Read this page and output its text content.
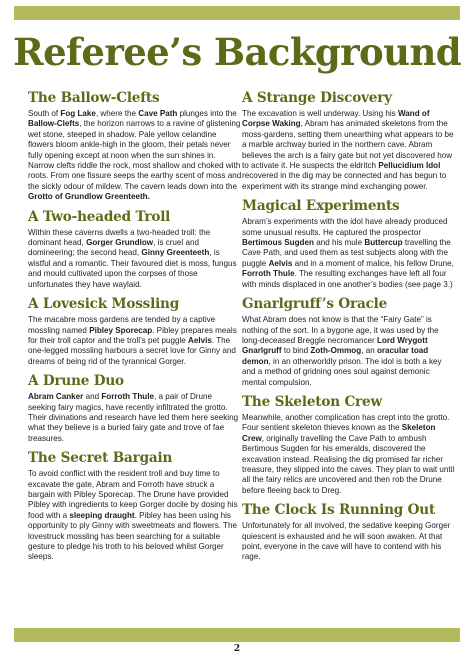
Referee’s Background
The Ballow-Clefts

South of Fog Lake, where the Cave Path plunges into the Ballow-Clefts, the horizon narrows to a ravine of glistening wet stone, steeped in shadow. Pale yellow celandine flowers bloom ankle-high in the gloom, their petals never fully opening except at noon when the sun shines in. Narrow clefts riddle the rock, most shallow and choked with roots. From one fissure seeps the earthy scent of moss and the sickly odour of mildew. The cavern leads down into the Grotto of Grundlow Greenteeth.

A Two-headed Troll

Within these caverns dwells a two-headed troll: the dominant head, Gorger Grundlow, is cruel and domineering; the second head, Ginny Greenteeth, is wistful and a romantic. Their favoured diet is moss, fungus and mould cultivated upon the corpses of those unfortunates they have waylaid.

A Lovesick Mossling

The macabre moss gardens are tended by a captive mossling named Pibley Sporecap. Pibley prepares meals for their troll captor and the troll’s pet puggle Aelvis. The one-legged mossling harbours a secret love for Ginny and dreams of being rid of the tyrannical Gorger.

A Drune Duo

Abram Canker and Forroth Thule, a pair of Drune seeking fairy magics, have recently infiltrated the grotto. Their divinations and research have led them here seeking what they believe is a buried fairy gate and trove of fae treasures.

The Secret Bargain

To avoid conflict with the resident troll and buy time to excavate the gate, Abram and Forroth have struck a bargain with Pibley Sporecap. The Drune have provided Pibley with ingredients to keep Gorger docile by dosing his food with a sleeping draught. Pibley has been using his opportunity to ply Ginny with sweetmeats and flowers. The lovestruck mossling has been searching for a suitable gesture to pledge his troth to his beloved whilst Gorger sleeps.

A Strange Discovery

The excavation is well underway. Using his Wand of Corpse Waking, Abram has animated skeletons from the moss-gardens, setting them unearthing what appears to be a marble archway buried in the northern cave. Abram believes the arch is a fairy gate but not yet discovered how to activate it. He suspects the eldritch Pellucidium Idol recovered in the dig may be connected and has begun to experiment with its strange mind exchanging power.

Magical Experiments

Abram’s experiments with the idol have already produced some unusual results. He captured the prospector Bertimous Sugden and his mule Buttercup travelling the Cave Path, and used them as test subjects along with the puggle Aelvis and in a moment of malice, his fellow Drune, Forroth Thule. The resulting exchanges have left all four with minds displaced in one another’s bodies (see page 3.)

Gnarlgruff’s Oracle

What Abram does not know is that the “Fairy Gate” is nothing of the sort. In a bygone age, it was used by the long-deceased Breggle necromancer Lord Wrygott Gnarlgruff to bind Zoth-Ommog, an oracular toad demon, in an otherworldly prison. The idol is both a key and a method of gridning ones soul against demonic mental compulsion.

The Skeleton Crew

Meanwhile, another complication has crept into the grotto. Four sentient skeleton thieves known as the Skeleton Crew, originally travelling the Cave Path to ambush Bertimous Sugden for his emeralds, discovered the excavation instead. Realising the dig promised far richer treasure, they slipped into the caves. They plan to wait until all the fairy relics are uncovered and then rob the Drune before fleeing back to Dreg.

The Clock Is Running Out

Unfortunately for all involved, the sedative keeping Gorger quiescent is exhausted and he will soon awaken. At that point, everyone in the cave will have to contend with his rage.

2
